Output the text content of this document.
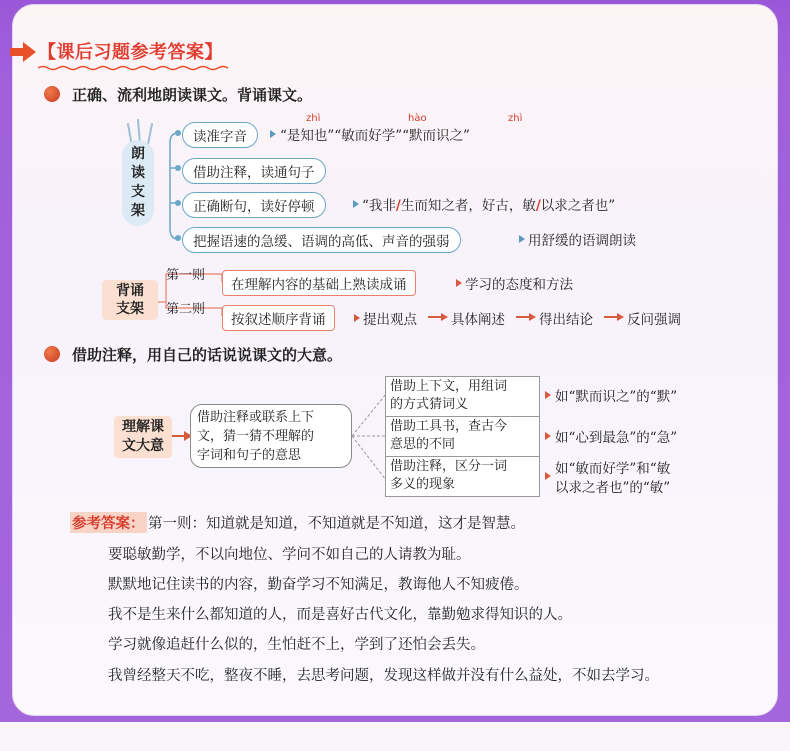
【课后习题参考答案】
正确、流利地朗读课文。背诵课文。
朗
读
支
架
读准字音
zhì	hào	zhì
“是知也”“敏而好学”“默而识之”
借助注释，读通句子
正确断句，读好停顿	“我非/生而知之者，好古，敏/以求之者也”
把握语速的急缓、语调的高低、声音的强弱	用舒缓的语调朗读
背诵
支架
第一则
在理解内容的基础上熟读成诵	学习的态度和方法
第二则
按叙述顺序背诵	提出观点	具体阐述	得出结论	反问强调
借助注释，用自己的话说说课文的大意。
理解课
文大意
借助注释或联系上下
文，猜一猜不理解的
字词和句子的意思
借助上下文，用组词
的方式猜词义
借助工具书，查古今
意思的不同
借助注释，区分一词
多义的现象
如“默而识之”的“默”
如“心到最急”的“急”
如“敏而好学”和“敏
以求之者也”的“敏”
参考答案： 第一则：知道就是知道，不知道就是不知道，这才是智慧。
要聪敏勤学，不以向地位、学问不如自己的人请教为耻。
默默地记住读书的内容，勤奋学习不知满足，教诲他人不知疲倦。
我不是生来什么都知道的人，而是喜好古代文化，靠勤勉求得知识的人。
学习就像追赶什么似的，生怕赶不上，学到了还怕会丢失。
我曾经整天不吃，整夜不睡，去思考问题，发现这样做并没有什么益处，不如去学习。
